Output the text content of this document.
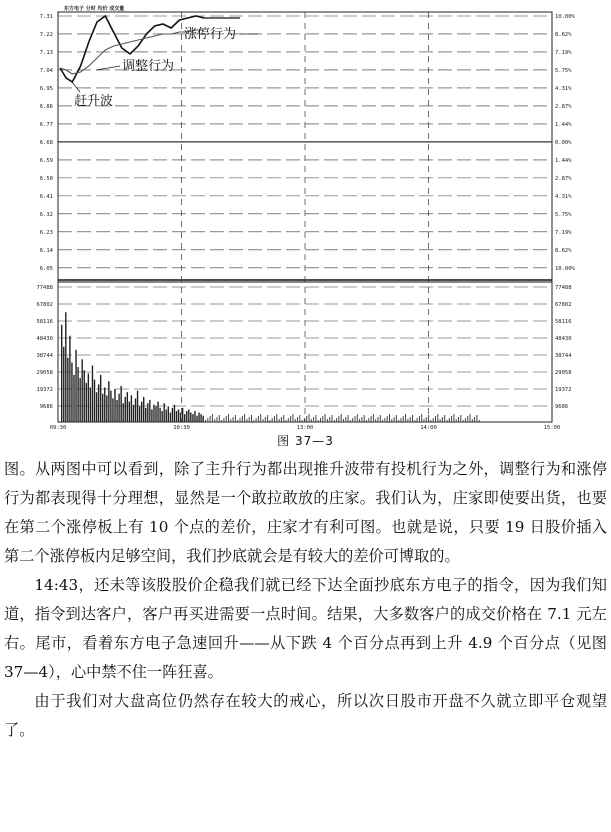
7.31
7.22
7.13
7.04
6.95
6.86
6.77
6.68
6.59
6.50
6.41
6.32
6.23
6.14
6.05
10.00%
8.62%
7.19%
5.75%
4.31%
2.87%
1.44%
0.00%
1.44%
2.87%
4.31%
5.75%
7.19%
8.62%
10.00%
77488
67802
58116
48430
38744
29058
19372
9686
77488
67802
58116
48430
38744
29058
19372
9686
09:30	10:30	13:00	14:00	15:00
东方电子 分时 均价 成交量
涨停行为
调整行为
赶升波
图 37—3

图。从两图中可以看到，除了主升行为都出现推升波带有投机行为之外，调整行为和涨停行为都表现得十分理想，显然是一个敢拉敢放的庄家。我们认为，庄家即使要出货，也要在第二个涨停板上有 10 个点的差价，庄家才有利可图。也就是说，只要 19 日股价插入第二个涨停板内足够空间，我们抄底就会是有较大的差价可博取的。

14:43，还未等该股股价企稳我们就已经下达全面抄底东方电子的指令，因为我们知道，指令到达客户，客户再买进需要一点时间。结果，大多数客户的成交价格在 7.1 元左右。尾市，看着东方电子急速回升——从下跌 4 个百分点再到上升 4.9 个百分点（见图 37—4），心中禁不住一阵狂喜。

由于我们对大盘高位仍然存在较大的戒心，所以次日股市开盘不久就立即平仓观望了。
